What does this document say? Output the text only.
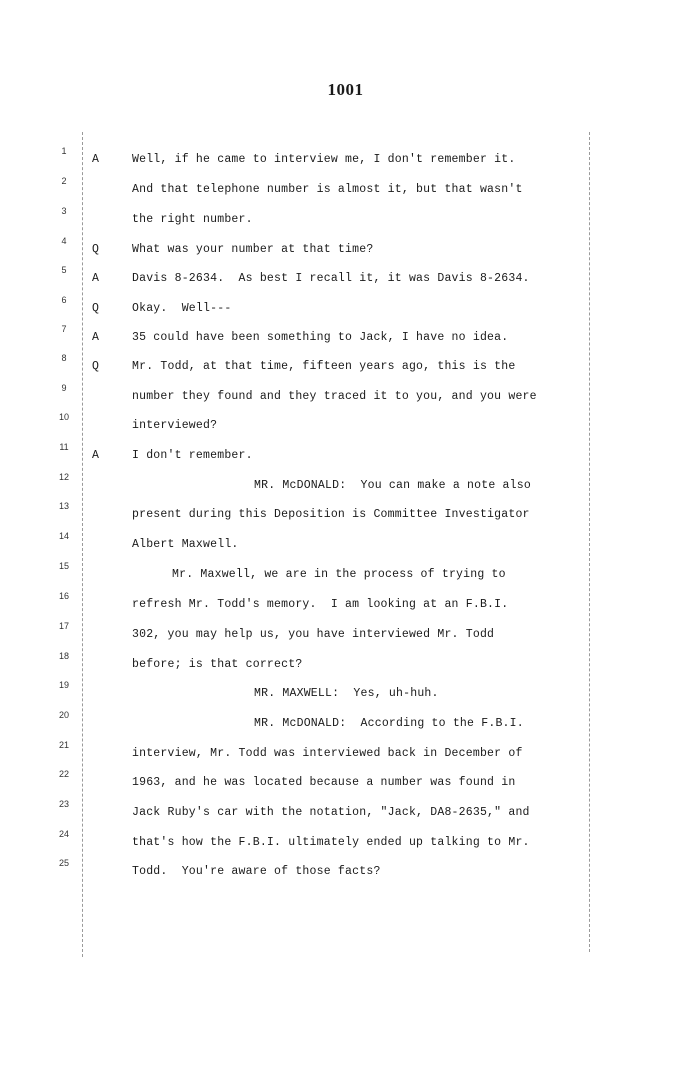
1001
1
A	Well, if he came to interview me, I don't remember it.
2
And that telephone number is almost it, but that wasn't
3
the right number.
4
Q	What was your number at that time?
5
A	Davis 8-2634.  As best I recall it, it was Davis 8-2634.
6
Q	Okay.  Well---
7
A	35 could have been something to Jack, I have no idea.
8
Q	Mr. Todd, at that time, fifteen years ago, this is the
9
number they found and they traced it to you, and you were
10
interviewed?
11
A	I don't remember.
12
MR. McDONALD:  You can make a note also
13
present during this Deposition is Committee Investigator
14
Albert Maxwell.
15
Mr. Maxwell, we are in the process of trying to
16
refresh Mr. Todd's memory.  I am looking at an F.B.I.
17
302, you may help us, you have interviewed Mr. Todd
18
before; is that correct?
19
MR. MAXWELL:  Yes, uh-huh.
20
MR. McDONALD:  According to the F.B.I.
21
interview, Mr. Todd was interviewed back in December of
22
1963, and he was located because a number was found in
23
Jack Ruby's car with the notation, "Jack, DA8-2635," and
24
that's how the F.B.I. ultimately ended up talking to Mr.
25
Todd.  You're aware of those facts?
